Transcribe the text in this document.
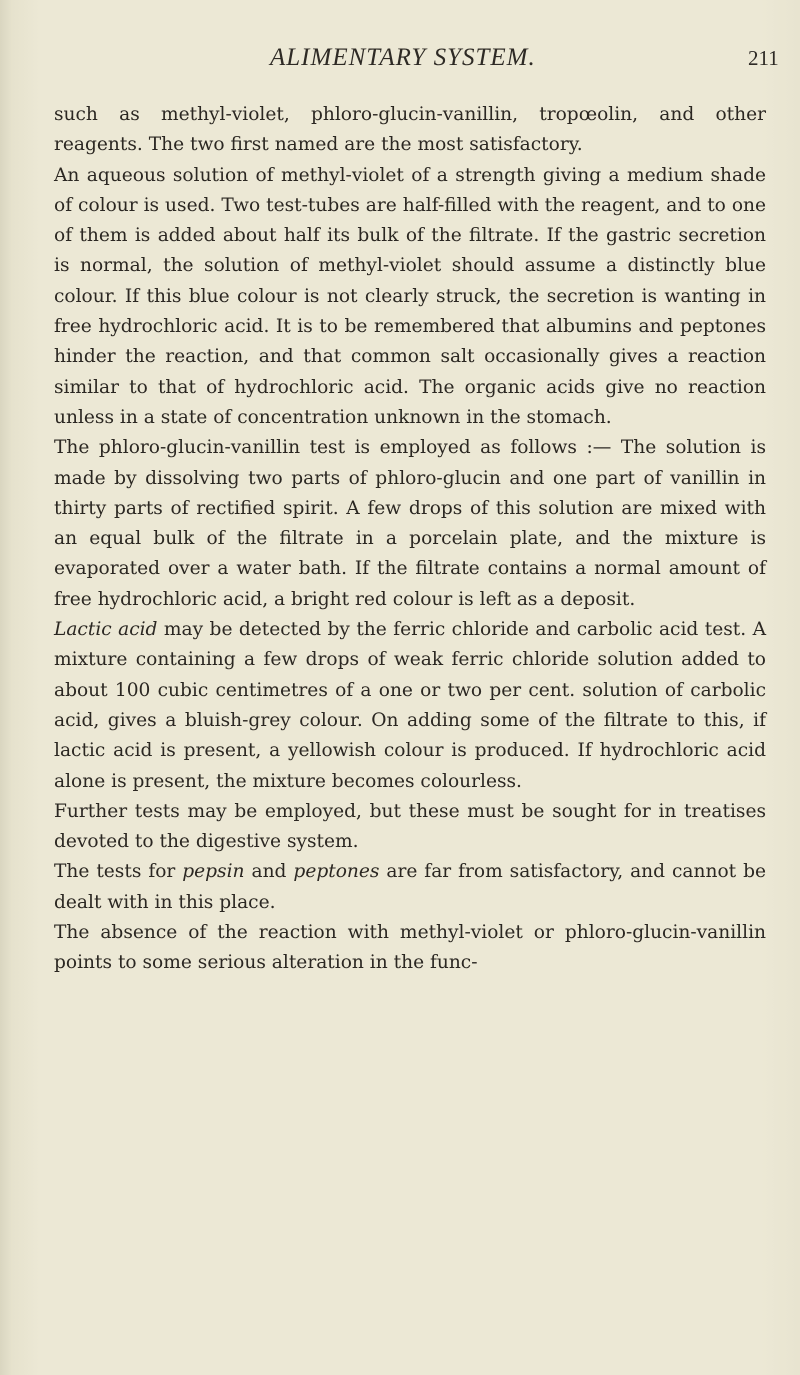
ALIMENTARY SYSTEM.	211

such as methyl-violet, phloro-glucin-vanillin, tropœolin, and other reagents. The two first named are the most satisfactory.

An aqueous solution of methyl-violet of a strength giving a medium shade of colour is used. Two test-tubes are half-filled with the reagent, and to one of them is added about half its bulk of the filtrate. If the gastric secretion is normal, the solution of methyl-violet should assume a distinctly blue colour. If this blue colour is not clearly struck, the secretion is wanting in free hydrochloric acid. It is to be remembered that albumins and peptones hinder the reaction, and that common salt occasionally gives a reaction similar to that of hydrochloric acid. The organic acids give no reaction unless in a state of concentration unknown in the stomach.

The phloro-glucin-vanillin test is employed as follows :— The solution is made by dissolving two parts of phloro-glucin and one part of vanillin in thirty parts of rectified spirit. A few drops of this solution are mixed with an equal bulk of the filtrate in a porcelain plate, and the mixture is evaporated over a water bath. If the filtrate contains a normal amount of free hydrochloric acid, a bright red colour is left as a deposit.

Lactic acid may be detected by the ferric chloride and carbolic acid test. A mixture containing a few drops of weak ferric chloride solution added to about 100 cubic centimetres of a one or two per cent. solution of carbolic acid, gives a bluish-grey colour. On adding some of the filtrate to this, if lactic acid is present, a yellowish colour is produced. If hydrochloric acid alone is present, the mixture becomes colourless.

Further tests may be employed, but these must be sought for in treatises devoted to the digestive system.

The tests for pepsin and peptones are far from satisfactory, and cannot be dealt with in this place.

The absence of the reaction with methyl-violet or phloro-glucin-vanillin points to some serious alteration in the func-
